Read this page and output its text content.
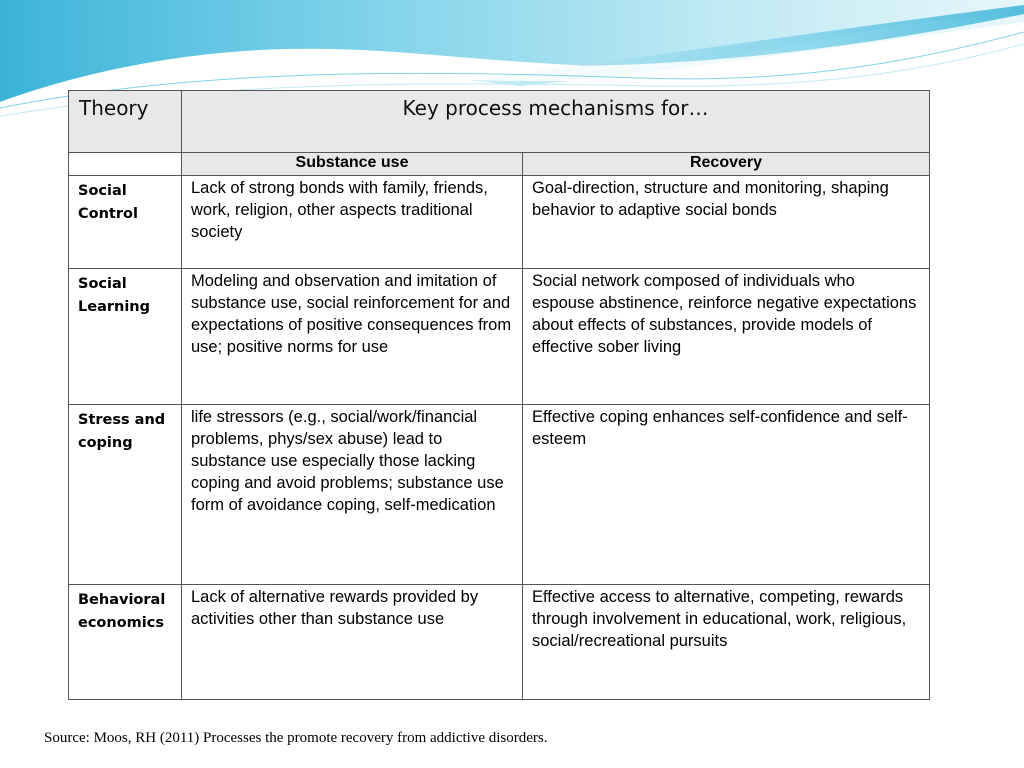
Theory	Key process mechanisms for…	
	Substance use	Recovery
Social Control	Lack of strong bonds with family, friends, work, religion, other aspects traditional society	Goal-direction, structure and monitoring, shaping behavior to adaptive social bonds
Social Learning	Modeling and observation and imitation of substance use, social reinforcement for and expectations of positive consequences from use; positive norms for use	Social network composed of individuals who espouse abstinence, reinforce negative expectations about effects of substances, provide models of effective sober living
Stress and coping	life stressors (e.g., social/work/financial problems, phys/sex abuse) lead to substance use especially those lacking coping and avoid problems; substance use form of avoidance coping, self-medication	Effective coping enhances self-confidence and self-esteem
Behavioral economics	Lack of alternative rewards provided by activities other than substance use	Effective access to alternative, competing, rewards through involvement in educational, work, religious, social/recreational pursuits
Source: Moos, RH (2011) Processes the promote recovery from addictive disorders.
